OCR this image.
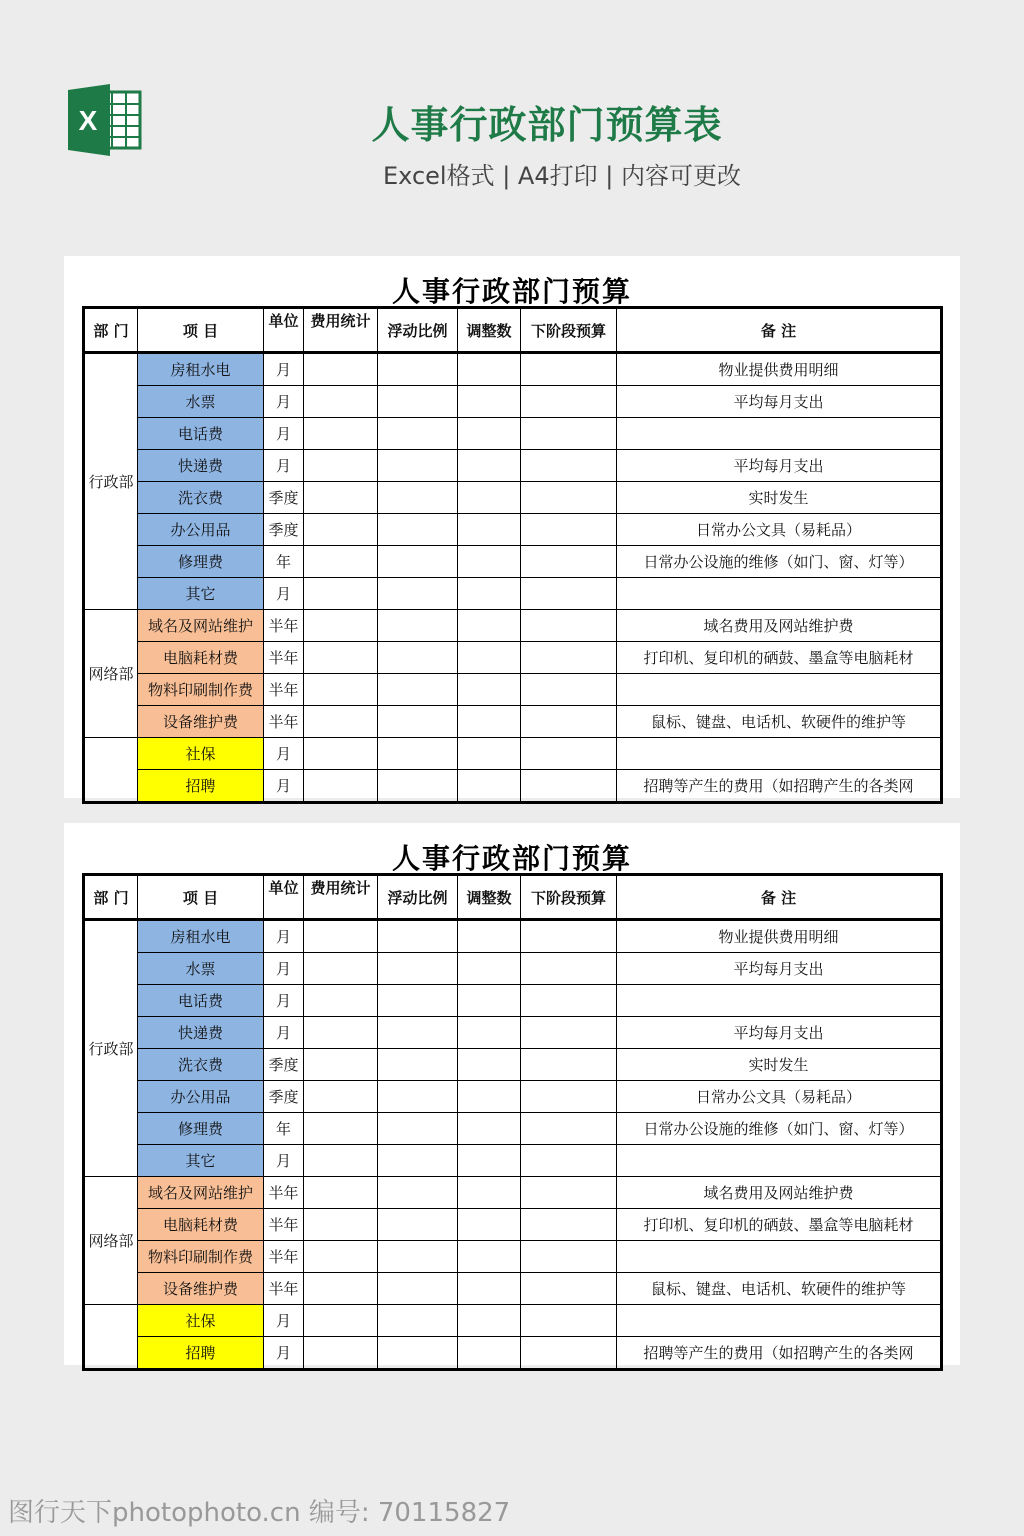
X	人事行政部门预算表
Excel格式 | A4打印 | 内容可更改
人事行政部门预算
部 门	项 目	单位	费用统计	浮动比例	调整数	下阶段预算	备 注
行政部	房租水电	月					物业提供费用明细
	水票	月					平均每月支出
	电话费	月					
	快递费	月					平均每月支出
	洗衣费	季度					实时发生
	办公用品	季度					日常办公文具（易耗品）
	修理费	年					日常办公设施的维修（如门、窗、灯等）
	其它	月					
网络部	域名及网站维护	半年					域名费用及网站维护费
	电脑耗材费	半年					打印机、复印机的硒鼓、墨盒等电脑耗材
	物料印刷制作费	半年					
	设备维护费	半年					鼠标、键盘、电话机、软硬件的维护等
	社保	月					
	招聘	月					招聘等产生的费用（如招聘产生的各类网
人事行政部门预算
部 门	项 目	单位	费用统计	浮动比例	调整数	下阶段预算	备 注
行政部	房租水电	月					物业提供费用明细
	水票	月					平均每月支出
	电话费	月					
	快递费	月					平均每月支出
	洗衣费	季度					实时发生
	办公用品	季度					日常办公文具（易耗品）
	修理费	年					日常办公设施的维修（如门、窗、灯等）
	其它	月					
网络部	域名及网站维护	半年					域名费用及网站维护费
	电脑耗材费	半年					打印机、复印机的硒鼓、墨盒等电脑耗材
	物料印刷制作费	半年					
	设备维护费	半年					鼠标、键盘、电话机、软硬件的维护等
	社保	月					
	招聘	月					招聘等产生的费用（如招聘产生的各类网
图行天下photophoto.cn 编号: 70115827
